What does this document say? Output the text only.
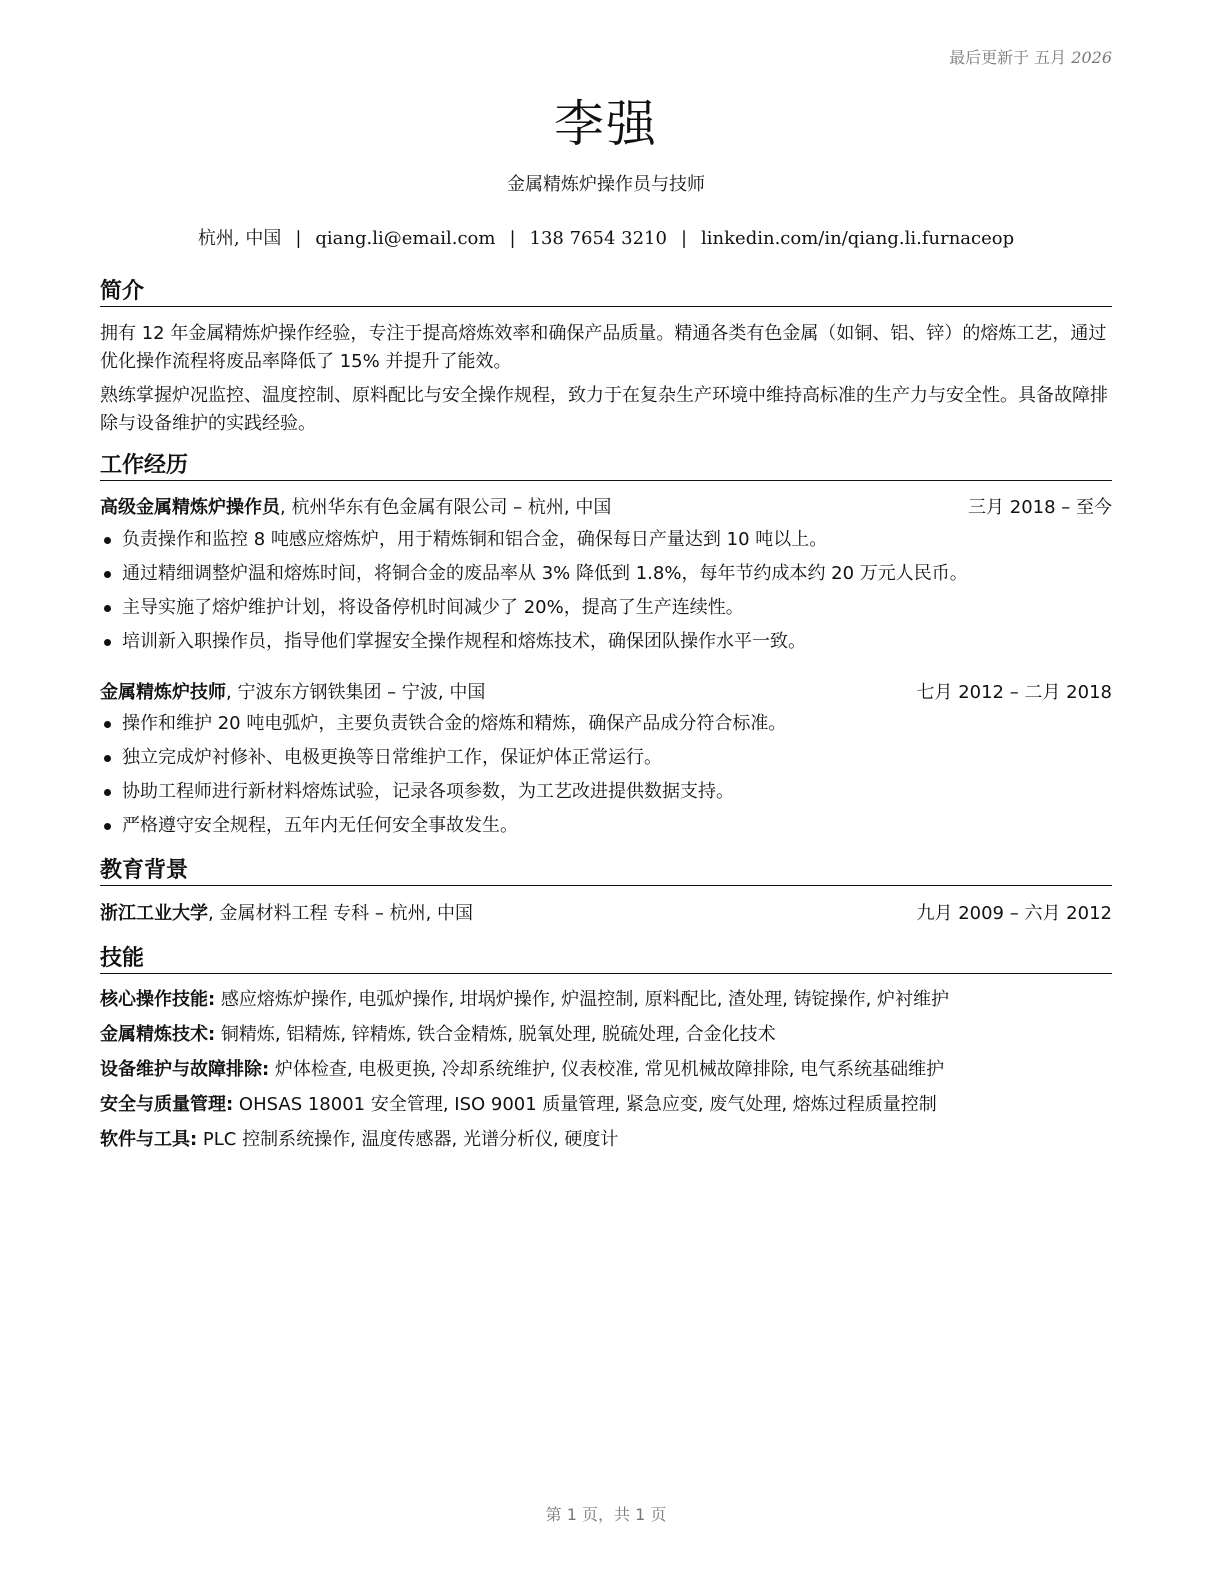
最后更新于 五月 2026
李强
金属精炼炉操作员与技师
杭州, 中国 | qiang.li@email.com | 138 7654 3210 | linkedin.com/in/qiang.li.furnaceop
简介
拥有 12 年金属精炼炉操作经验，专注于提高熔炼效率和确保产品质量。精通各类有色金属（如铜、铝、锌）的熔炼工艺，通过优化操作流程将废品率降低了 15% 并提升了能效。
熟练掌握炉况监控、温度控制、原料配比与安全操作规程，致力于在复杂生产环境中维持高标准的生产力与安全性。具备故障排除与设备维护的实践经验。
工作经历
高级金属精炼炉操作员, 杭州华东有色金属有限公司 – 杭州, 中国	三月 2018 – 至今
负责操作和监控 8 吨感应熔炼炉，用于精炼铜和铝合金，确保每日产量达到 10 吨以上。
通过精细调整炉温和熔炼时间，将铜合金的废品率从 3% 降低到 1.8%，每年节约成本约 20 万元人民币。
主导实施了熔炉维护计划，将设备停机时间减少了 20%，提高了生产连续性。
培训新入职操作员，指导他们掌握安全操作规程和熔炼技术，确保团队操作水平一致。
金属精炼炉技师, 宁波东方钢铁集团 – 宁波, 中国	七月 2012 – 二月 2018
操作和维护 20 吨电弧炉，主要负责铁合金的熔炼和精炼，确保产品成分符合标准。
独立完成炉衬修补、电极更换等日常维护工作，保证炉体正常运行。
协助工程师进行新材料熔炼试验，记录各项参数，为工艺改进提供数据支持。
严格遵守安全规程，五年内无任何安全事故发生。
教育背景
浙江工业大学, 金属材料工程 专科 – 杭州, 中国	九月 2009 – 六月 2012
技能
核心操作技能: 感应熔炼炉操作, 电弧炉操作, 坩埚炉操作, 炉温控制, 原料配比, 渣处理, 铸锭操作, 炉衬维护
金属精炼技术: 铜精炼, 铝精炼, 锌精炼, 铁合金精炼, 脱氧处理, 脱硫处理, 合金化技术
设备维护与故障排除: 炉体检查, 电极更换, 冷却系统维护, 仪表校准, 常见机械故障排除, 电气系统基础维护
安全与质量管理: OHSAS 18001 安全管理, ISO 9001 质量管理, 紧急应变, 废气处理, 熔炼过程质量控制
软件与工具: PLC 控制系统操作, 温度传感器, 光谱分析仪, 硬度计
第 1 页，共 1 页
